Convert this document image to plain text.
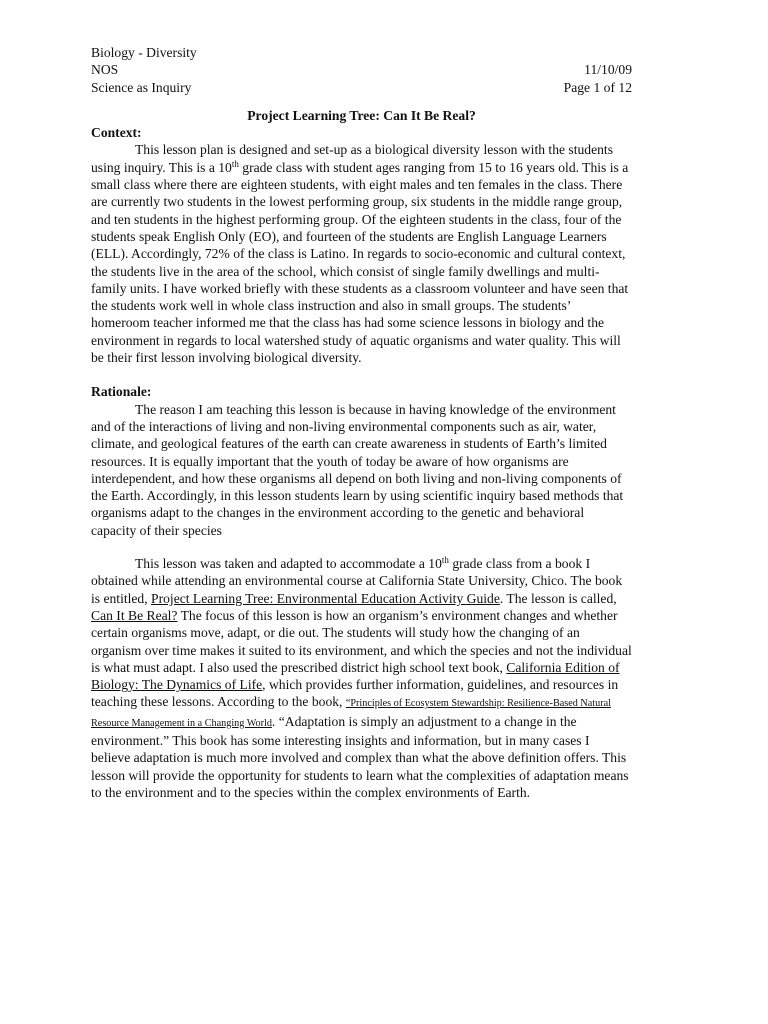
Biology - Diversity
NOS	11/10/09
Science as Inquiry	Page 1 of 12
Project Learning Tree: Can It Be Real?
Context:

This lesson plan is designed and set-up as a biological diversity lesson with the students using inquiry. This is a 10th grade class with student ages ranging from 15 to 16 years old. This is a small class where there are eighteen students, with eight males and ten females in the class. There are currently two students in the lowest performing group, six students in the middle range group, and ten students in the highest performing group. Of the eighteen students in the class, four of the students speak English Only (EO), and fourteen of the students are English Language Learners (ELL). Accordingly, 72% of the class is Latino. In regards to socio-economic and cultural context, the students live in the area of the school, which consist of single family dwellings and multi-family units. I have worked briefly with these students as a classroom volunteer and have seen that the students work well in whole class instruction and also in small groups. The students’ homeroom teacher informed me that the class has had some science lessons in biology and the environment in regards to local watershed study of aquatic organisms and water quality. This will be their first lesson involving biological diversity.

Rationale:

The reason I am teaching this lesson is because in having knowledge of the environment and of the interactions of living and non-living environmental components such as air, water, climate, and geological features of the earth can create awareness in students of Earth’s limited resources. It is equally important that the youth of today be aware of how organisms are interdependent, and how these organisms all depend on both living and non-living components of the Earth. Accordingly, in this lesson students learn by using scientific inquiry based methods that organisms adapt to the changes in the environment according to the genetic and behavioral capacity of their species

This lesson was taken and adapted to accommodate a 10th grade class from a book I obtained while attending an environmental course at California State University, Chico. The book is entitled, Project Learning Tree: Environmental Education Activity Guide. The lesson is called, Can It Be Real? The focus of this lesson is how an organism’s environment changes and whether certain organisms move, adapt, or die out. The students will study how the changing of an organism over time makes it suited to its environment, and which the species and not the individual is what must adapt. I also used the prescribed district high school text book, California Edition of Biology: The Dynamics of Life, which provides further information, guidelines, and resources in teaching these lessons. According to the book, “Principles of Ecosystem Stewardship: Resilience-Based Natural Resource Management in a Changing World. “Adaptation is simply an adjustment to a change in the environment.” This book has some interesting insights and information, but in many cases I believe adaptation is much more involved and complex than what the above definition offers. This lesson will provide the opportunity for students to learn what the complexities of adaptation means to the environment and to the species within the complex environments of Earth.
